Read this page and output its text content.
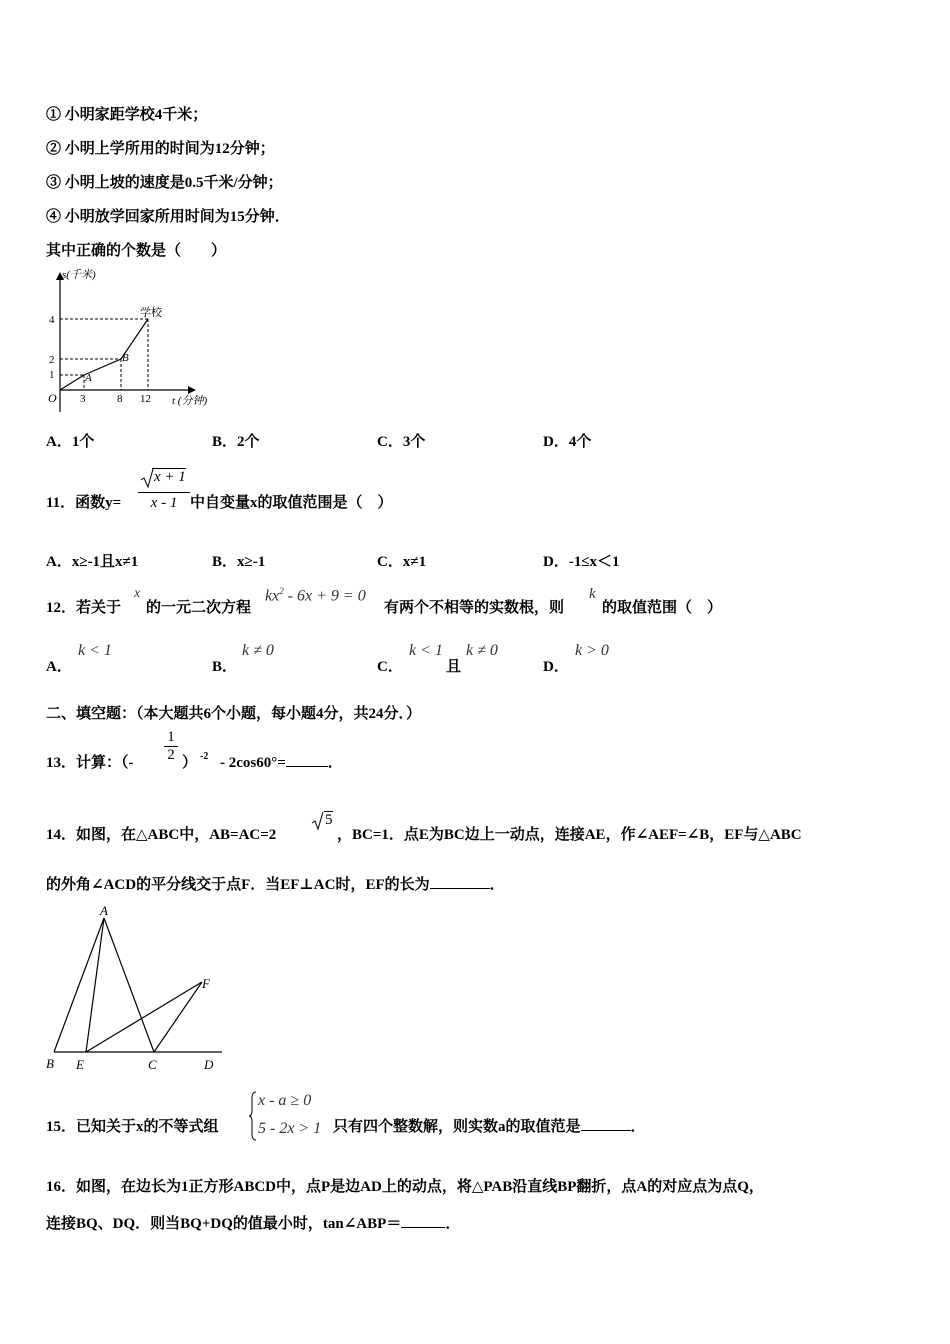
① 小明家距学校4千米；
② 小明上学所用的时间为12分钟；
③ 小明上坡的速度是0.5千米/分钟；
④ 小明放学回家所用时间为15分钟．
其中正确的个数是（　　）
s(千米)
t (分钟)
O
4
2
1
3	8 12
A
B
学校
A．1个	B．2个	C．3个	D．4个
11．函数y=
x + 1
x - 1 中自变量x的取值范围是（　）
A．x≥-1且x≠1	B．x≥-1	C．x≠1	D．-1≤x＜1
12．若关于
x
的一元二次方程
$kx^2 - 6x + 9 = 0$
有两个不相等的实数根，则
k
的取值范围（　）
A．
k < 1
B．
k ≠ 0
C．
k < 1
且
k ≠ 0
D．
k > 0
二、填空题：（本大题共6个小题，每小题4分，共24分．）
13．计算：（-
1
2 ） -2 - 2cos60°=	．
14．如图，在△ABC中，AB=AC=2
5
，BC=1．点E为BC边上一动点，连接AE，作∠AEF=∠B，EF与△ABC
的外角∠ACD的平分线交于点F．当EF⊥AC时，EF的长为	．
A
B E	C	D
F
15．已知关于x的不等式组
x - a ≥ 0
5 - 2x > 1 只有四个整数解，则实数a的取值范是	．
16．如图，在边长为1正方形ABCD中，点P是边AD上的动点，将△PAB沿直线BP翻折，点A的对应点为点Q，
连接BQ、DQ．则当BQ+DQ的值最小时，tan∠ABP＝	．
